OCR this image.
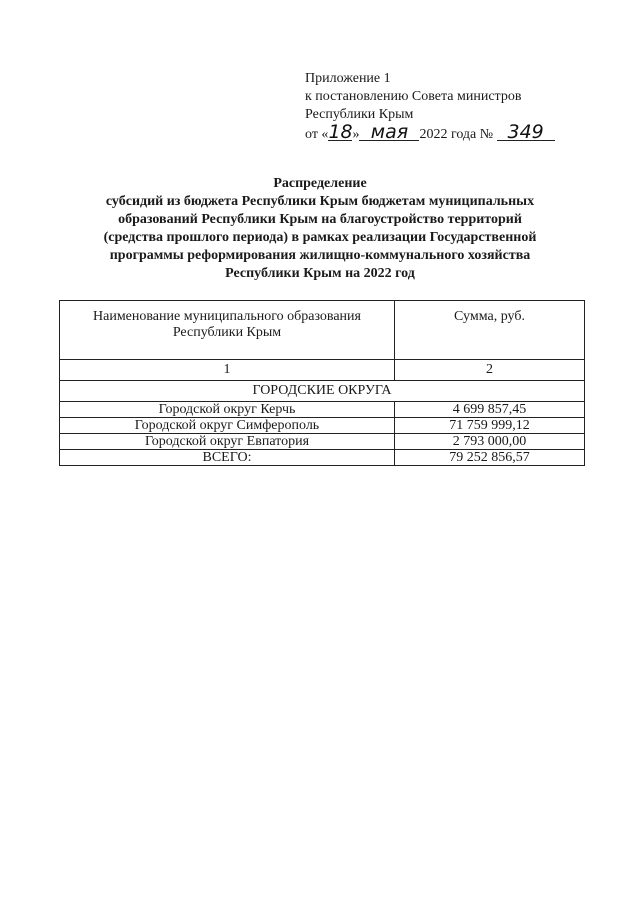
Приложение 1
к постановлению Совета министров
Республики Крым
от «18» мая 2022 года № 349
Распределение
субсидий из бюджета Республики Крым бюджетам муниципальных
образований Республики Крым на благоустройство территорий
(средства прошлого периода) в рамках реализации Государственной
программы реформирования жилищно-коммунального хозяйства
Республики Крым на 2022 год
Наименование муниципального образования
Республики Крым	Сумма, руб.
1	2
ГОРОДСКИЕ ОКРУГА	
Городской округ Керчь	4 699 857,45
Городской округ Симферополь	71 759 999,12
Городской округ Евпатория	2 793 000,00
ВСЕГО:	79 252 856,57
